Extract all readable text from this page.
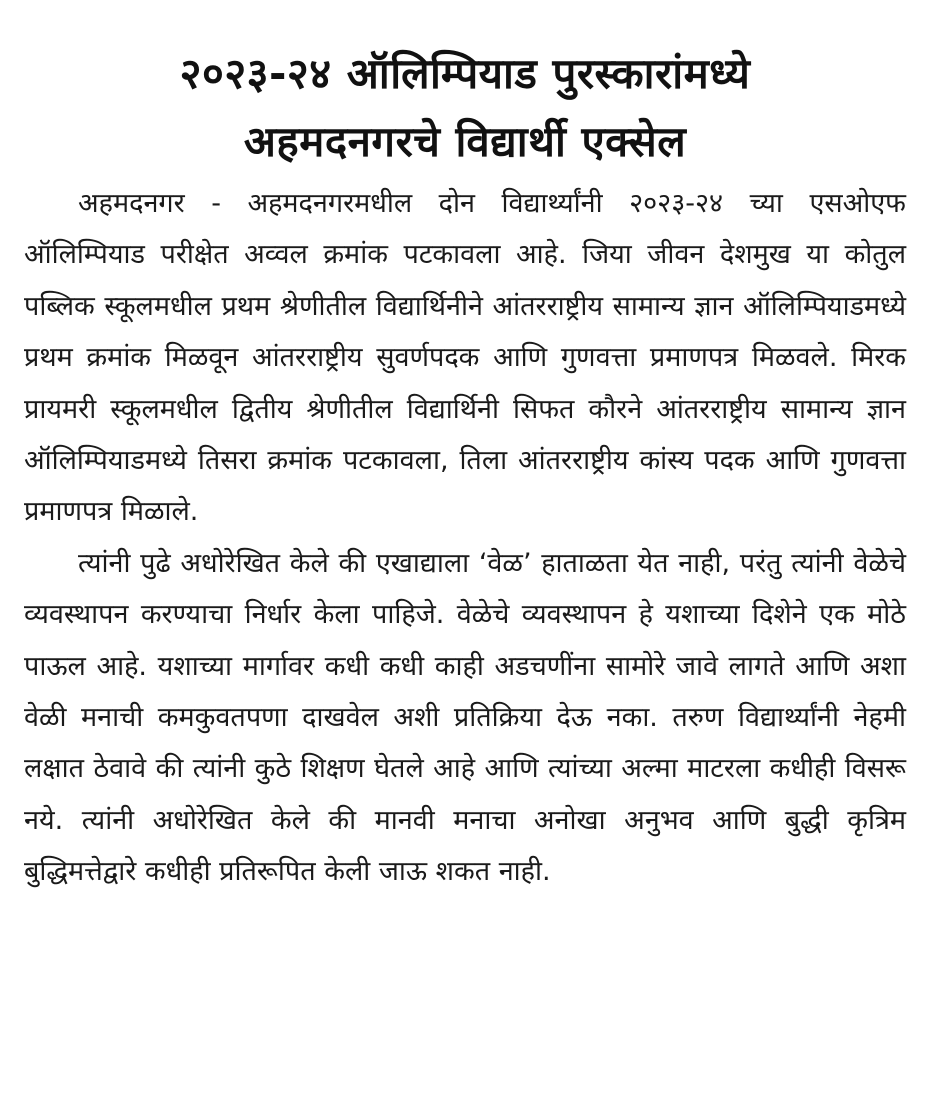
२०२३-२४ ऑलिम्पियाड पुरस्कारांमध्ये
अहमदनगरचे विद्यार्थी एक्सेल

अहमदनगर - अहमदनगरमधील दोन विद्यार्थ्यांनी २०२३-२४ च्या एसओएफ ऑलिम्पियाड परीक्षेत अव्वल क्रमांक पटकावला आहे. जिया जीवन देशमुख या कोतुल पब्लिक स्कूलमधील प्रथम श्रेणीतील विद्यार्थिनीने आंतरराष्ट्रीय सामान्य ज्ञान ऑलिम्पियाडमध्ये प्रथम क्रमांक मिळवून आंतरराष्ट्रीय सुवर्णपदक आणि गुणवत्ता प्रमाणपत्र मिळवले. मिरक प्रायमरी स्कूलमधील द्वितीय श्रेणीतील विद्यार्थिनी सिफत कौरने आंतरराष्ट्रीय सामान्य ज्ञान ऑलिम्पियाडमध्ये तिसरा क्रमांक पटकावला, तिला आंतरराष्ट्रीय कांस्य पदक आणि गुणवत्ता प्रमाणपत्र मिळाले.

त्यांनी पुढे अधोरेखित केले की एखाद्याला ‘वेळ’ हाताळता येत नाही, परंतु त्यांनी वेळेचे व्यवस्थापन करण्याचा निर्धार केला पाहिजे. वेळेचे व्यवस्थापन हे यशाच्या दिशेने एक मोठे पाऊल आहे. यशाच्या मार्गावर कधी कधी काही अडचणींना सामोरे जावे लागते आणि अशा वेळी मनाची कमकुवतपणा दाखवेल अशी प्रतिक्रिया देऊ नका. तरुण विद्यार्थ्यांनी नेहमी लक्षात ठेवावे की त्यांनी कुठे शिक्षण घेतले आहे आणि त्यांच्या अल्मा माटरला कधीही विसरू नये. त्यांनी अधोरेखित केले की मानवी मनाचा अनोखा अनुभव आणि बुद्धी कृत्रिम बुद्धिमत्तेद्वारे कधीही प्रतिरूपित केली जाऊ शकत नाही.
